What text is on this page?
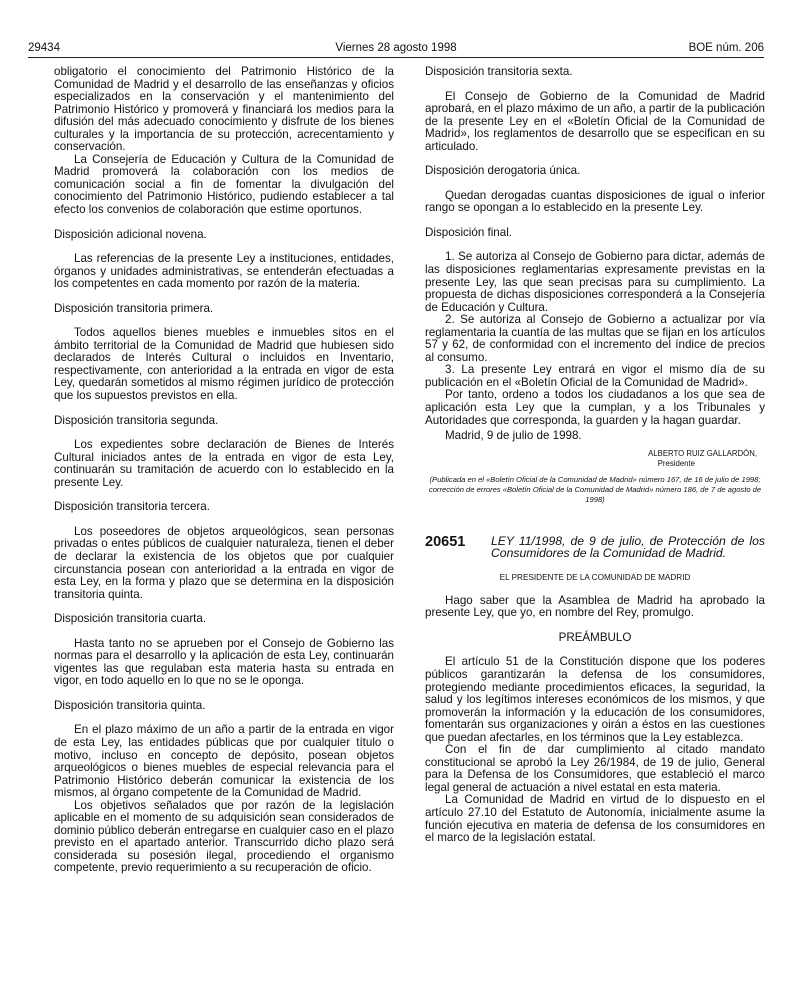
29434	Viernes 28 agosto 1998	BOE núm. 206

obligatorio el conocimiento del Patrimonio Histórico de la Comunidad de Madrid y el desarrollo de las enseñanzas y oficios especializados en la conservación y el mantenimiento del Patrimonio Histórico y promoverá y financiará los medios para la difusión del más adecuado conocimiento y disfrute de los bienes culturales y la importancia de su protección, acrecentamiento y conservación.

La Consejería de Educación y Cultura de la Comunidad de Madrid promoverá la colaboración con los medios de comunicación social a fin de fomentar la divulgación del conocimiento del Patrimonio Histórico, pudiendo establecer a tal efecto los convenios de colaboración que estime oportunos.

Disposición adicional novena.

Las referencias de la presente Ley a instituciones, entidades, órganos y unidades administrativas, se entenderán efectuadas a los competentes en cada momento por razón de la materia.

Disposición transitoria primera.

Todos aquellos bienes muebles e inmuebles sitos en el ámbito territorial de la Comunidad de Madrid que hubiesen sido declarados de Interés Cultural o incluidos en Inventario, respectivamente, con anterioridad a la entrada en vigor de esta Ley, quedarán sometidos al mismo régimen jurídico de protección que los supuestos previstos en ella.

Disposición transitoria segunda.

Los expedientes sobre declaración de Bienes de Interés Cultural iniciados antes de la entrada en vigor de esta Ley, continuarán su tramitación de acuerdo con lo establecido en la presente Ley.

Disposición transitoria tercera.

Los poseedores de objetos arqueológicos, sean personas privadas o entes públicos de cualquier naturaleza, tienen el deber de declarar la existencia de los objetos que por cualquier circunstancia posean con anterioridad a la entrada en vigor de esta Ley, en la forma y plazo que se determina en la disposición transitoria quinta.

Disposición transitoria cuarta.

Hasta tanto no se aprueben por el Consejo de Gobierno las normas para el desarrollo y la aplicación de esta Ley, continuarán vigentes las que regulaban esta materia hasta su entrada en vigor, en todo aquello en lo que no se le oponga.

Disposición transitoria quinta.

En el plazo máximo de un año a partir de la entrada en vigor de esta Ley, las entidades públicas que por cualquier título o motivo, incluso en concepto de depósito, posean objetos arqueológicos o bienes muebles de especial relevancia para el Patrimonio Histórico deberán comunicar la existencia de los mismos, al órgano competente de la Comunidad de Madrid.

Los objetivos señalados que por razón de la legislación aplicable en el momento de su adquisición sean considerados de dominio público deberán entregarse en cualquier caso en el plazo previsto en el apartado anterior. Transcurrido dicho plazo será considerada su posesión ilegal, procediendo el organismo competente, previo requerimiento a su recuperación de oficio.

Disposición transitoria sexta.

El Consejo de Gobierno de la Comunidad de Madrid aprobará, en el plazo máximo de un año, a partir de la publicación de la presente Ley en el «Boletín Oficial de la Comunidad de Madrid», los reglamentos de desarrollo que se especifican en su articulado.

Disposición derogatoria única.

Quedan derogadas cuantas disposiciones de igual o inferior rango se opongan a lo establecido en la presente Ley.

Disposición final.

1. Se autoriza al Consejo de Gobierno para dictar, además de las disposiciones reglamentarias expresamente previstas en la presente Ley, las que sean precisas para su cumplimiento. La propuesta de dichas disposiciones corresponderá a la Consejería de Educación y Cultura.

2. Se autoriza al Consejo de Gobierno a actualizar por vía reglamentaria la cuantía de las multas que se fijan en los artículos 57 y 62, de conformidad con el incremento del índice de precios al consumo.

3. La presente Ley entrará en vigor el mismo día de su publicación en el «Boletín Oficial de la Comunidad de Madrid».

Por tanto, ordeno a todos los ciudadanos a los que sea de aplicación esta Ley que la cumplan, y a los Tribunales y Autoridades que corresponda, la guarden y la hagan guardar.

Madrid, 9 de julio de 1998.

ALBERTO RUIZ GALLARDÓN,

Presidente

(Publicada en el «Boletín Oficial de la Comunidad de Madrid» número 167, de 16 de julio de 1998; corrección de errores «Boletín Oficial de la Comunidad de Madrid» número 186, de 7 de agosto de 1998)

20651	LEY 11/1998, de 9 de julio, de Protección de los Consumidores de la Comunidad de Madrid.

EL PRESIDENTE DE LA COMUNIDAD DE MADRID

Hago saber que la Asamblea de Madrid ha aprobado la presente Ley, que yo, en nombre del Rey, promulgo.

PREÁMBULO

El artículo 51 de la Constitución dispone que los poderes públicos garantizarán la defensa de los consumidores, protegiendo mediante procedimientos eficaces, la seguridad, la salud y los legítimos intereses económicos de los mismos, y que promoverán la información y la educación de los consumidores, fomentarán sus organizaciones y oirán a éstos en las cuestiones que puedan afectarles, en los términos que la Ley establezca.

Con el fin de dar cumplimiento al citado mandato constitucional se aprobó la Ley 26/1984, de 19 de julio, General para la Defensa de los Consumidores, que estableció el marco legal general de actuación a nivel estatal en esta materia.

La Comunidad de Madrid en virtud de lo dispuesto en el artículo 27.10 del Estatuto de Autonomía, inicialmente asume la función ejecutiva en materia de defensa de los consumidores en el marco de la legislación estatal.
